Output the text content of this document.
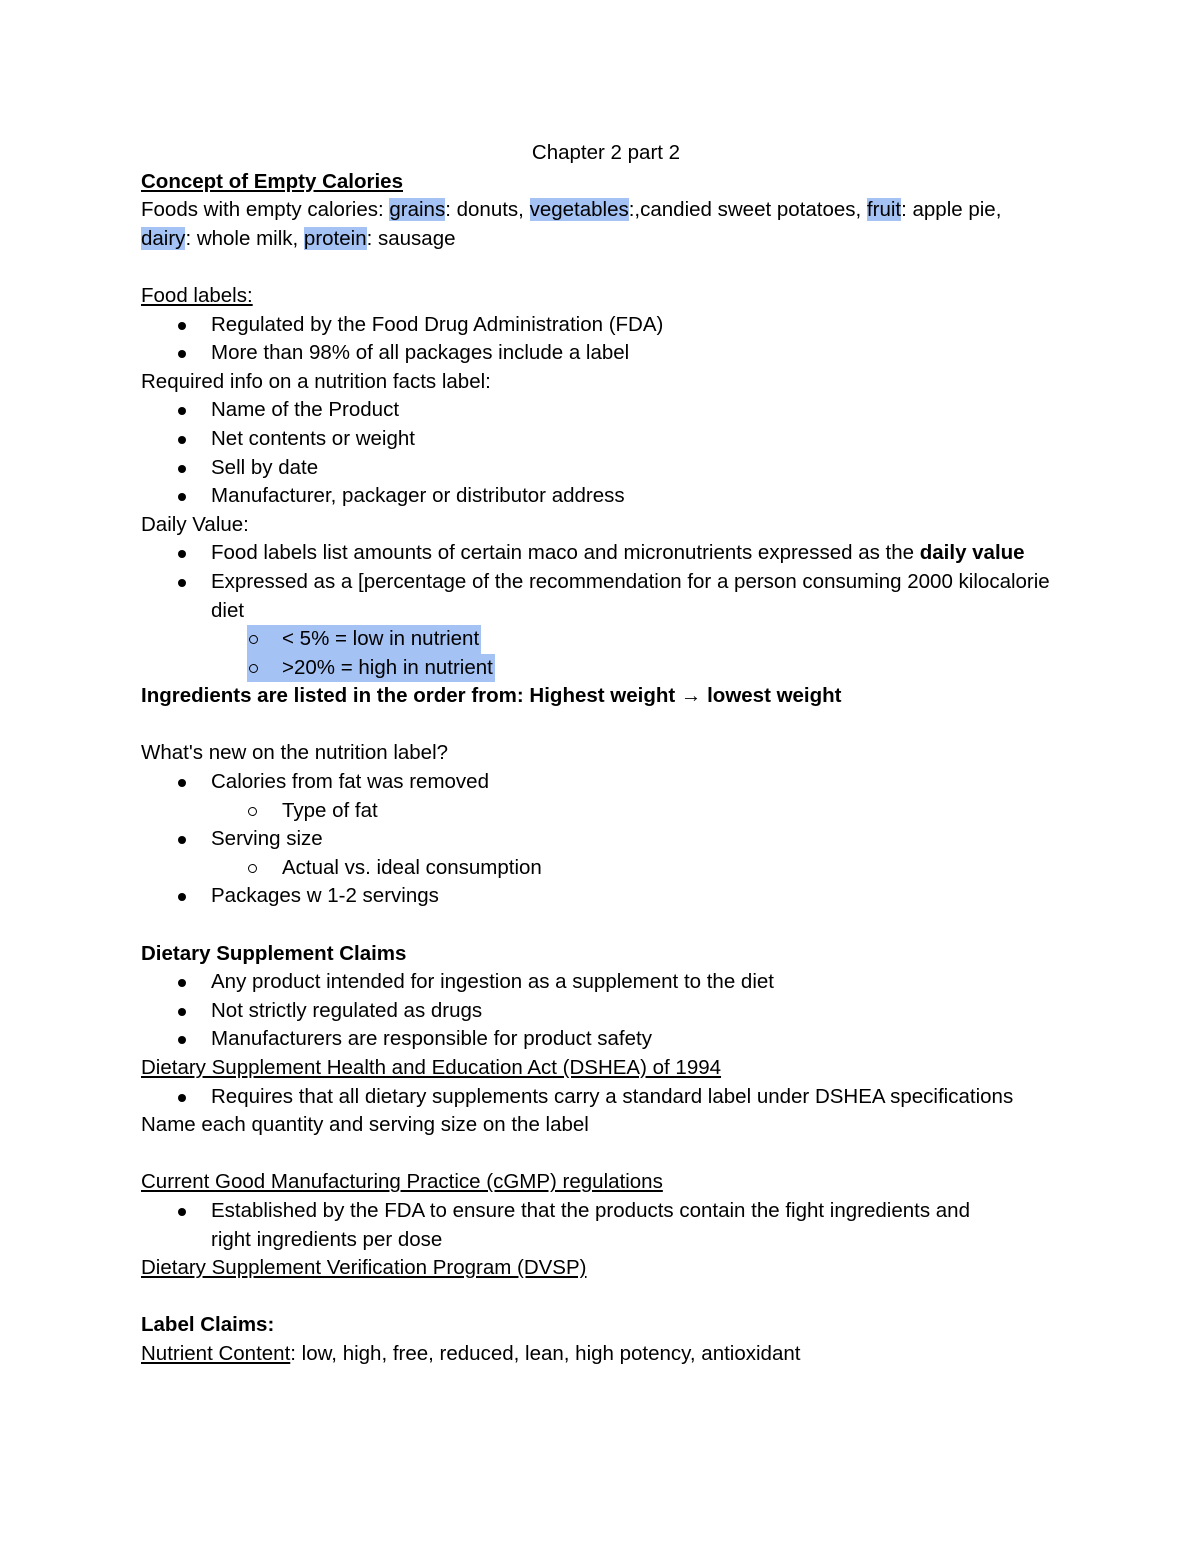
Chapter 2 part 2
Concept of Empty Calories
Foods with empty calories: grains: donuts, vegetables:,candied sweet potatoes, fruit: apple pie,
dairy: whole milk, protein: sausage
Food labels:
Regulated by the Food Drug Administration (FDA)
More than 98% of all packages include a label
Required info on a nutrition facts label:
Name of the Product
Net contents or weight
Sell by date
Manufacturer, packager or distributor address
Daily Value:
Food labels list amounts of certain maco and micronutrients expressed as the daily value
Expressed as a [percentage of the recommendation for a person consuming 2000 kilocalorie diet
< 5% = low in nutrient
>20% = high in nutrient
Ingredients are listed in the order from: Highest weight → lowest weight
What's new on the nutrition label?
Calories from fat was removed
Type of fat
Serving size
Actual vs. ideal consumption
Packages w 1-2 servings
Dietary Supplement Claims
Any product intended for ingestion as a supplement to the diet
Not strictly regulated as drugs
Manufacturers are responsible for product safety
Dietary Supplement Health and Education Act (DSHEA) of 1994
Requires that all dietary supplements carry a standard label under DSHEA specifications
Name each quantity and serving size on the label
Current Good Manufacturing Practice (cGMP) regulations
Established by the FDA to ensure that the products contain the fight ingredients and right ingredients per dose
Dietary Supplement Verification Program (DVSP)
Label Claims:
Nutrient Content: low, high, free, reduced, lean, high potency, antioxidant
